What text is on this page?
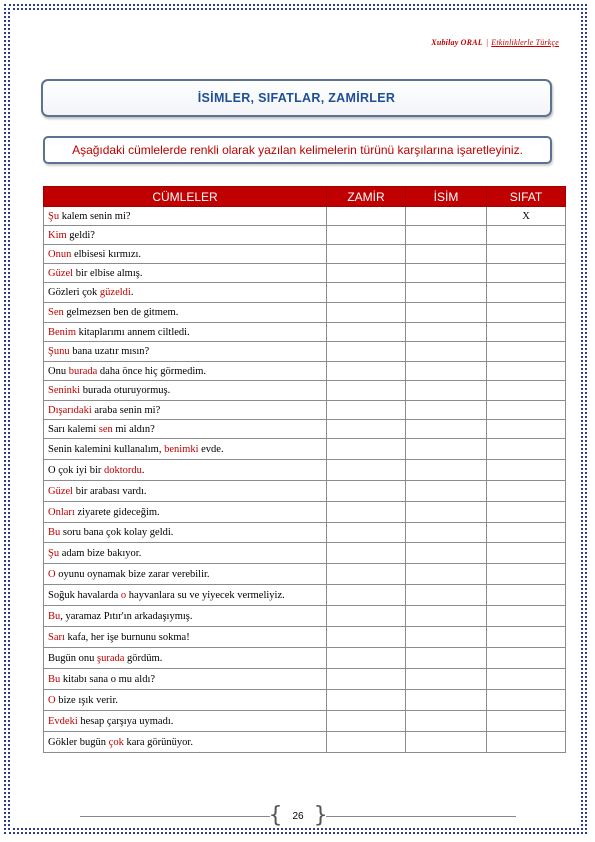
Xubilay ORAL | Etkinliklerle Türkçe
İSİMLER, SIFATLAR, ZAMİRLER
Aşağıdaki cümlelerde renkli olarak yazılan kelimelerin türünü karşılarına işaretleyiniz.
CÜMLELER	ZAMİR	İSİM	SIFAT
Şu kalem senin mi?			X
Kim geldi?			
Onun elbisesi kırmızı.			
Güzel bir elbise almış.			
Gözleri çok güzeldi.			
Sen gelmezsen ben de gitmem.			
Benim kitaplarımı annem ciltledi.			
Şunu bana uzatır mısın?			
Onu burada daha önce hiç görmedim.			
Seninki burada oturuyormuş.			
Dışarıdaki araba senin mi?			
Sarı kalemi sen mi aldın?			
Senin kalemini kullanalım, benimki evde.			
O çok iyi bir doktordu.			
Güzel bir arabası vardı.			
Onları ziyarete gideceğim.			
Bu soru bana çok kolay geldi.			
Şu adam bize bakıyor.			
O oyunu oynamak bize zarar verebilir.			
Soğuk havalarda o hayvanlara su ve yiyecek vermeliyiz.			
Bu, yaramaz Pıtır'ın arkadaşıymış.			
Sarı kafa, her işe burnunu sokma!			
Bugün onu şurada gördüm.			
Bu kitabı sana o mu aldı?			
O bize ışık verir.			
Evdeki hesap çarşıya uymadı.			
Gökler bugün çok kara görünüyor.			
{ 26 }
